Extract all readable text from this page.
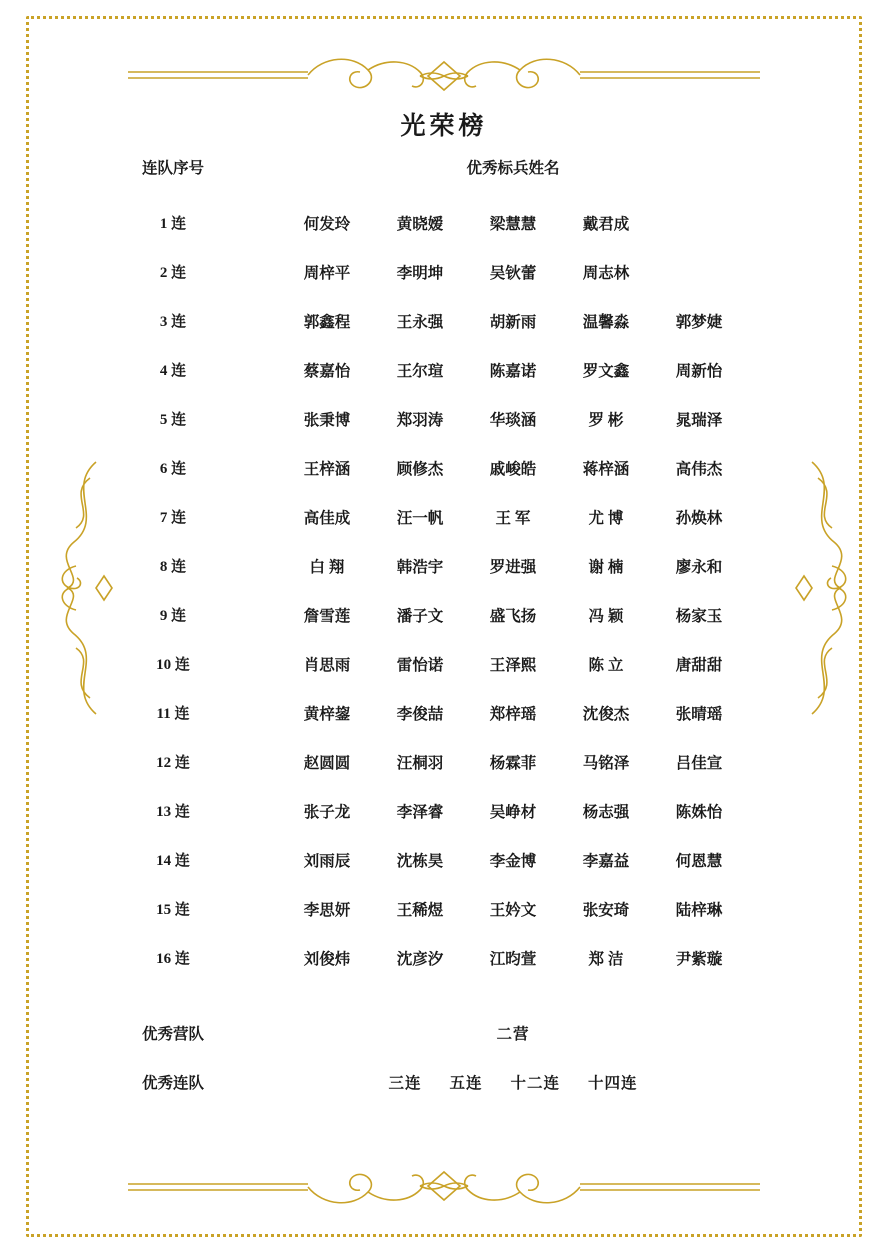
光荣榜
连队序号	优秀标兵姓名
1 连	何发玲 黄晓嫒 梁慧慧 戴君成

2 连	周梓平 李明坤 吴钬蕾 周志林

3 连	郭鑫程 王永强 胡新雨 温馨淼 郭梦婕

4 连	蔡嘉怡 王尔瑄 陈嘉诺 罗文鑫 周新怡

5 连	张秉博 郑羽涛 华琰涵 罗 彬 晁瑞泽

6 连	王梓涵 顾修杰 戚峻皓 蒋梓涵 高伟杰

7 连	高佳成 汪一帆 王 军 尤 博 孙焕林

8 连	白 翔 韩浩宇 罗进强 谢 楠 廖永和

9 连	詹雪莲 潘子文 盛飞扬 冯 颖 杨家玉

10 连	肖思雨 雷怡诺 王泽熙 陈 立 唐甜甜

11 连	黄梓鋆 李俊喆 郑梓瑶 沈俊杰 张晴瑶

12 连	赵圆圆 汪桐羽 杨霖菲 马铭泽 吕佳宣

13 连	张子龙 李泽睿 吴峥材 杨志强 陈姝怡

14 连	刘雨辰 沈栋昊 李金博 李嘉益 何恩慧

15 连	李思妍 王稀煜 王妗文 张安琦 陆梓琳

16 连	刘俊炜 沈彦汐 江昀萱 郑 洁 尹紫璇
优秀营队	二营
优秀连队	三连 五连 十二连 十四连
